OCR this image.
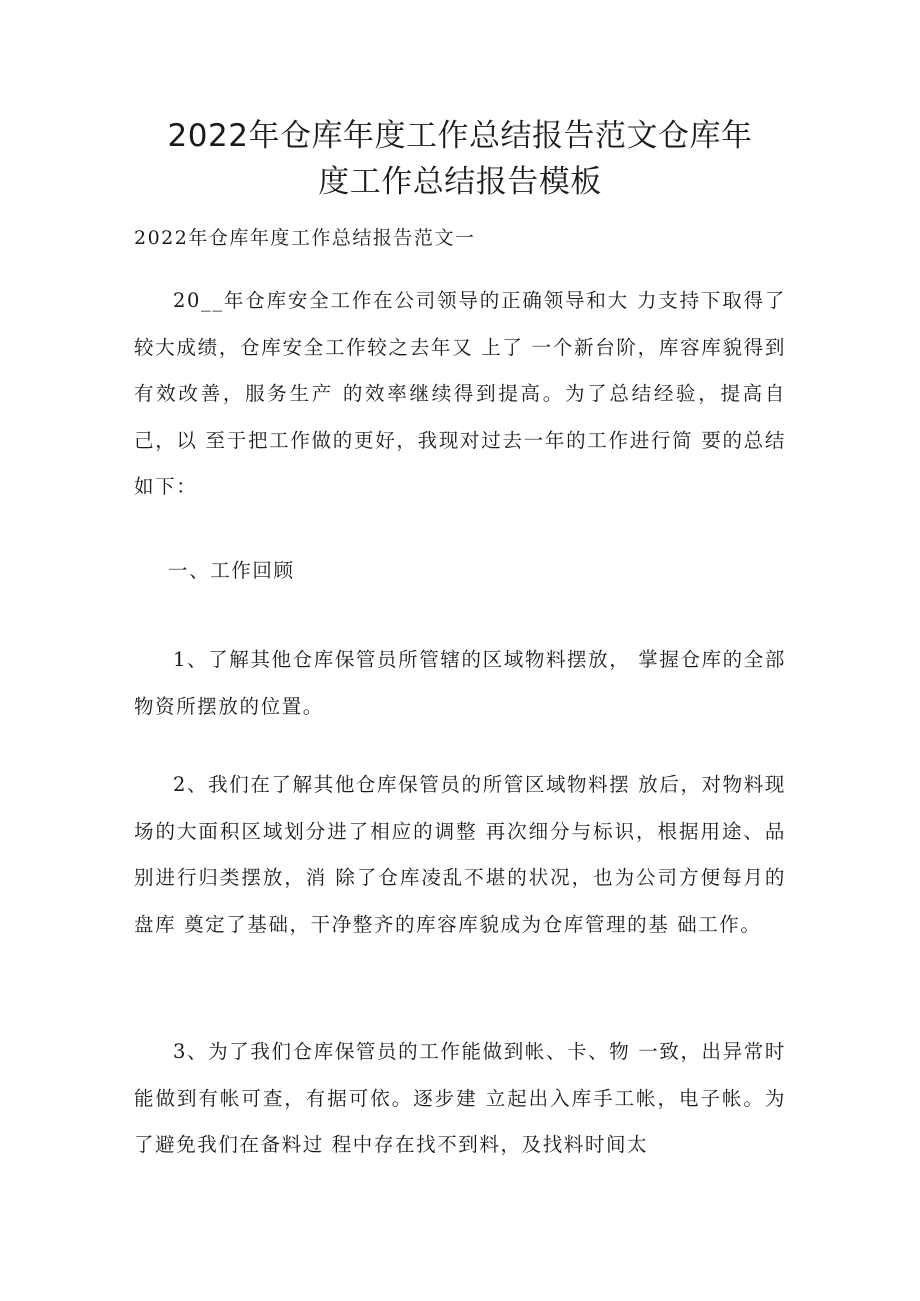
2022年仓库年度工作总结报告范文仓库年
度工作总结报告模板
2022年仓库年度工作总结报告范文一
20__年仓库安全工作在公司领导的正确领导和大 力支持下取得了较大成绩，仓库安全工作较之去年又 上了 一个新台阶，库容库貌得到有效改善，服务生产 的效率继续得到提高。为了总结经验，提高自己，以 至于把工作做的更好，我现对过去一年的工作进行简 要的总结如下：
一、工作回顾
1、了解其他仓库保管员所管辖的区域物料摆放， 掌握仓库的全部物资所摆放的位置。
2、我们在了解其他仓库保管员的所管区域物料摆 放后，对物料现场的大面积区域划分进了相应的调整 再次细分与标识，根据用途、品别进行归类摆放，消 除了仓库凌乱不堪的状况，也为公司方便每月的盘库 奠定了基础，干净整齐的库容库貌成为仓库管理的基 础工作。
3、为了我们仓库保管员的工作能做到帐、卡、物 一致，出异常时能做到有帐可查，有据可依。逐步建 立起出入库手工帐，电子帐。为了避免我们在备料过 程中存在找不到料，及找料时间太
